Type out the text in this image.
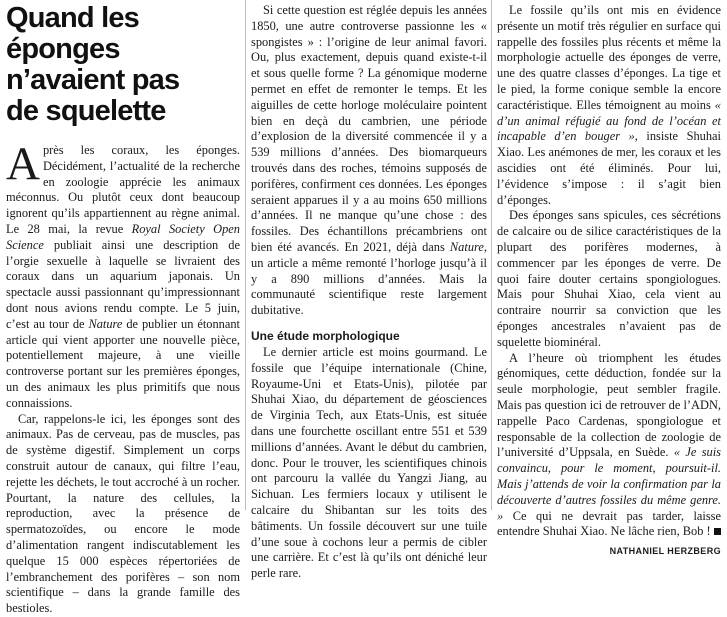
Quand les éponges
n’avaient pas
de squelette

Après les coraux, les éponges. Décidément, l’actualité de la recherche en zoologie apprécie les animaux méconnus. Ou plutôt ceux dont beaucoup ignorent qu’ils appartiennent au règne animal. Le 28 mai, la revue Royal Society Open Science publiait ainsi une description de l’orgie sexuelle à laquelle se livraient des coraux dans un aquarium japonais. Un spectacle aussi passionnant qu’impressionnant dont nous avions rendu compte. Le 5 juin, c’est au tour de Nature de publier un étonnant article qui vient apporter une nouvelle pièce, potentiellement majeure, à une vieille controverse portant sur les premières éponges, un des animaux les plus primitifs que nous connaissions.

Car, rappelons-le ici, les éponges sont des animaux. Pas de cerveau, pas de muscles, pas de système digestif. Simplement un corps construit autour de canaux, qui filtre l’eau, rejette les déchets, le tout accroché à un rocher. Pourtant, la nature des cellules, la reproduction, avec la présence de spermatozoïdes, ou encore le mode d’alimentation rangent indiscutablement les quelque 15 000 espèces répertoriées de l’embranchement des porifères – son nom scientifique – dans la grande famille des bestioles.

Si cette question est réglée depuis les années 1850, une autre controverse passionne les « spongistes » : l’origine de leur animal favori. Ou, plus exactement, depuis quand existe-t-il et sous quelle forme ? La génomique moderne permet en effet de remonter le temps. Et les aiguilles de cette horloge moléculaire pointent bien en deçà du cambrien, une période d’explosion de la diversité commencée il y a 539 millions d’années. Des biomarqueurs trouvés dans des roches, témoins supposés de porifères, confirment ces données. Les éponges seraient apparues il y a au moins 650 millions d’années. Il ne manque qu’une chose : des fossiles. Des échantillons précambriens ont bien été avancés. En 2021, déjà dans Nature, un article a même remonté l’horloge jusqu’à il y a 890 millions d’années. Mais la communauté scientifique reste largement dubitative.

Une étude morphologique

Le dernier article est moins gourmand. Le fossile que l’équipe internationale (Chine, Royaume-Uni et Etats-Unis), pilotée par Shuhai Xiao, du département de géosciences de Virginia Tech, aux Etats-Unis, est située dans une fourchette oscillant entre 551 et 539 millions d’années. Avant le début du cambrien, donc. Pour le trouver, les scientifiques chinois ont parcouru la vallée du Yangzi Jiang, au Sichuan. Les fermiers locaux y utilisent le calcaire du Shibantan sur les toits des bâtiments. Un fossile découvert sur une tuile d’une soue à cochons leur a permis de cibler une carrière. Et c’est là qu’ils ont déniché leur perle rare.

Le fossile qu’ils ont mis en évidence présente un motif très régulier en surface qui rappelle des fossiles plus récents et même la morphologie actuelle des éponges de verre, une des quatre classes d’éponges. La tige et le pied, la forme conique semble la encore caractéristique. Elles témoignent au moins « d’un animal réfugié au fond de l’océan et incapable d’en bouger », insiste Shuhai Xiao. Les anémones de mer, les coraux et les ascidies ont été éliminés. Pour lui, l’évidence s’impose : il s’agit bien d’éponges.

Des éponges sans spicules, ces sécrétions de calcaire ou de silice caractéristiques de la plupart des porifères modernes, à commencer par les éponges de verre. De quoi faire douter certains spongiologues. Mais pour Shuhai Xiao, cela vient au contraire nourrir sa conviction que les éponges ancestrales n’avaient pas de squelette biominéral.

A l’heure où triomphent les études génomiques, cette déduction, fondée sur la seule morphologie, peut sembler fragile. Mais pas question ici de retrouver de l’ADN, rappelle Paco Cardenas, spongiologue et responsable de la collection de zoologie de l’université d’Uppsala, en Suède. « Je suis convaincu, pour le moment, poursuit-il. Mais j’attends de voir la confirmation par la découverte d’autres fossiles du même genre. » Ce qui ne devrait pas tarder, laisse entendre Shuhai Xiao. Ne lâche rien, Bob !

NATHANIEL HERZBERG
